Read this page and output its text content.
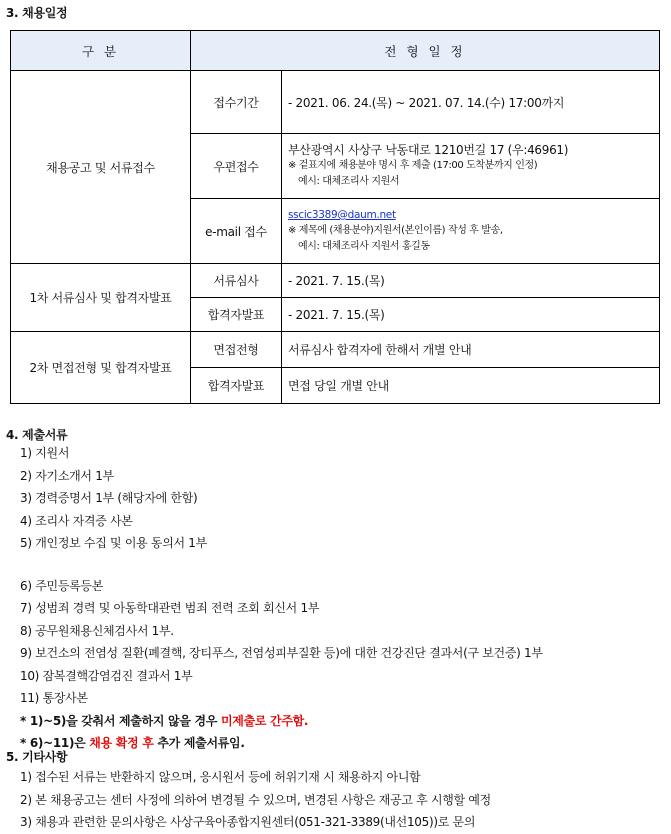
3. 채용일정
구 분	전 형 일 정	
채용공고 및 서류접수	접수기간	- 2021. 06. 24.(목) ~ 2021. 07. 14.(수) 17:00까지
	우편접수	부산광역시 사상구 낙동대로 1210번길 17 (우:46961)
※ 겉표지에 채용분야 명시 후 제출 (17:00 도착분까지 인정)
예시: 대체조리사 지원서

	e-mail 접수	sscic3389@daum.net
※ 제목에 (채용분야)지원서(본인이름) 작성 후 발송,
예시: 대체조리사 지원서 홍길동

1차 서류심사 및 합격자발표	서류심사	- 2021. 7. 15.(목)
	합격자발표	- 2021. 7. 15.(목)
2차 면접전형 및 합격자발표	면접전형	서류심사 합격자에 한해서 개별 안내
	합격자발표	면접 당일 개별 안내
4. 제출서류
1) 지원서
2) 자기소개서 1부
3) 경력증명서 1부 (해당자에 한함)
4) 조리사 자격증 사본
5) 개인정보 수집 및 이용 동의서 1부
6) 주민등록등본
7) 성범죄 경력 및 아동학대관련 범죄 전력 조회 회신서 1부
8) 공무원채용신체검사서 1부.
9) 보건소의 전염성 질환(폐결핵, 장티푸스, 전염성피부질환 등)에 대한 건강진단 결과서(구 보건증) 1부
10) 잠복결핵감염검진 결과서 1부
11) 통장사본
* 1)~5)을 갖춰서 제출하지 않을 경우 미제출로 간주함.
* 6)~11)은 채용 확정 후 추가 제출서류임.
5. 기타사항
1) 접수된 서류는 반환하지 않으며, 응시원서 등에 허위기재 시 채용하지 아니함
2) 본 채용공고는 센터 사정에 의하여 변경될 수 있으며, 변경된 사항은 재공고 후 시행할 예정
3) 채용과 관련한 문의사항은 사상구육아종합지원센터(051-321-3389(내선105))로 문의
